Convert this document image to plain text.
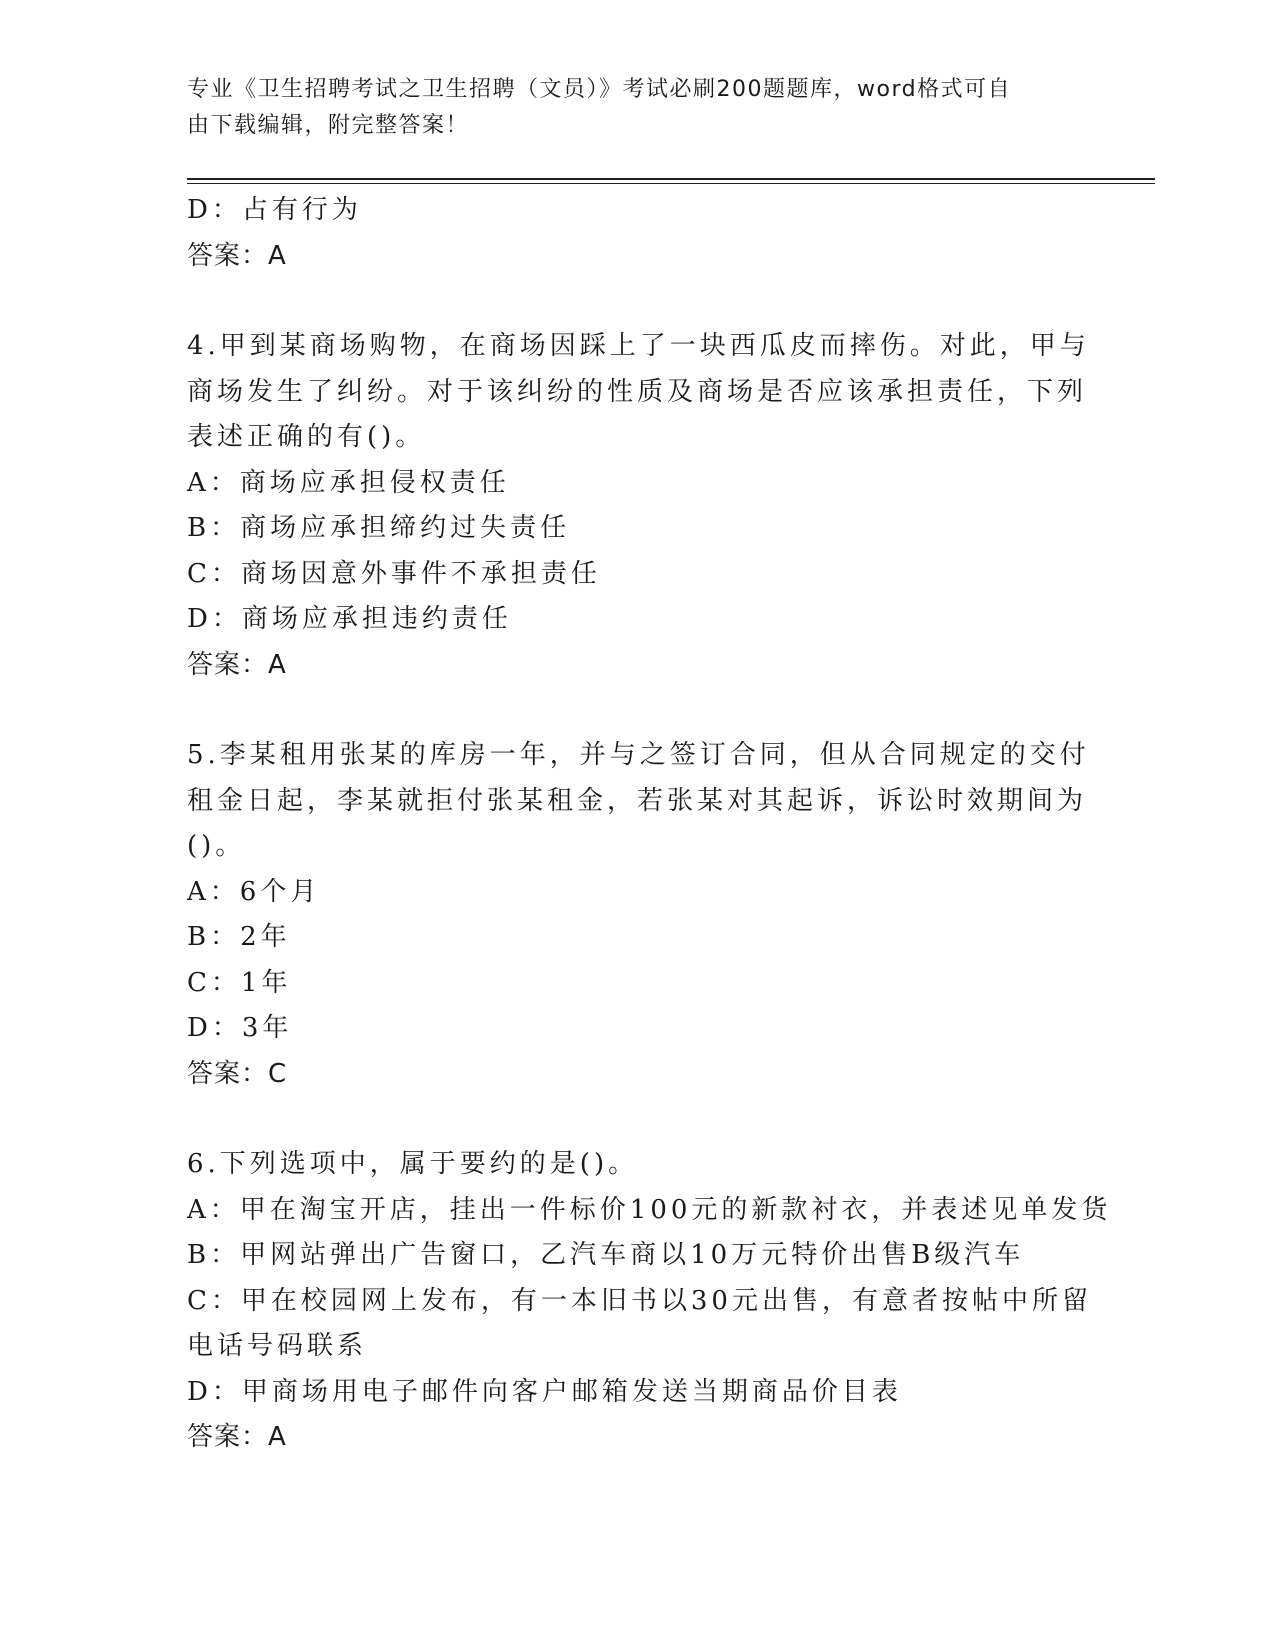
专业《卫生招聘考试之卫生招聘（文员）》考试必刷200题题库，word格式可自
由下载编辑，附完整答案！
D：占有行为
答案：A
4.甲到某商场购物，在商场因踩上了一块西瓜皮而摔伤。对此，甲与
商场发生了纠纷。对于该纠纷的性质及商场是否应该承担责任，下列
表述正确的有()。
A：商场应承担侵权责任
B：商场应承担缔约过失责任
C：商场因意外事件不承担责任
D：商场应承担违约责任
答案：A
5.李某租用张某的库房一年，并与之签订合同，但从合同规定的交付
租金日起，李某就拒付张某租金，若张某对其起诉，诉讼时效期间为
()。
A：6个月
B：2年
C：1年
D：3年
答案：C
6.下列选项中，属于要约的是()。
A：甲在淘宝开店，挂出一件标价100元的新款衬衣，并表述见单发货
B：甲网站弹出广告窗口，乙汽车商以10万元特价出售B级汽车
C：甲在校园网上发布，有一本旧书以30元出售，有意者按帖中所留
电话号码联系
D：甲商场用电子邮件向客户邮箱发送当期商品价目表
答案：A
